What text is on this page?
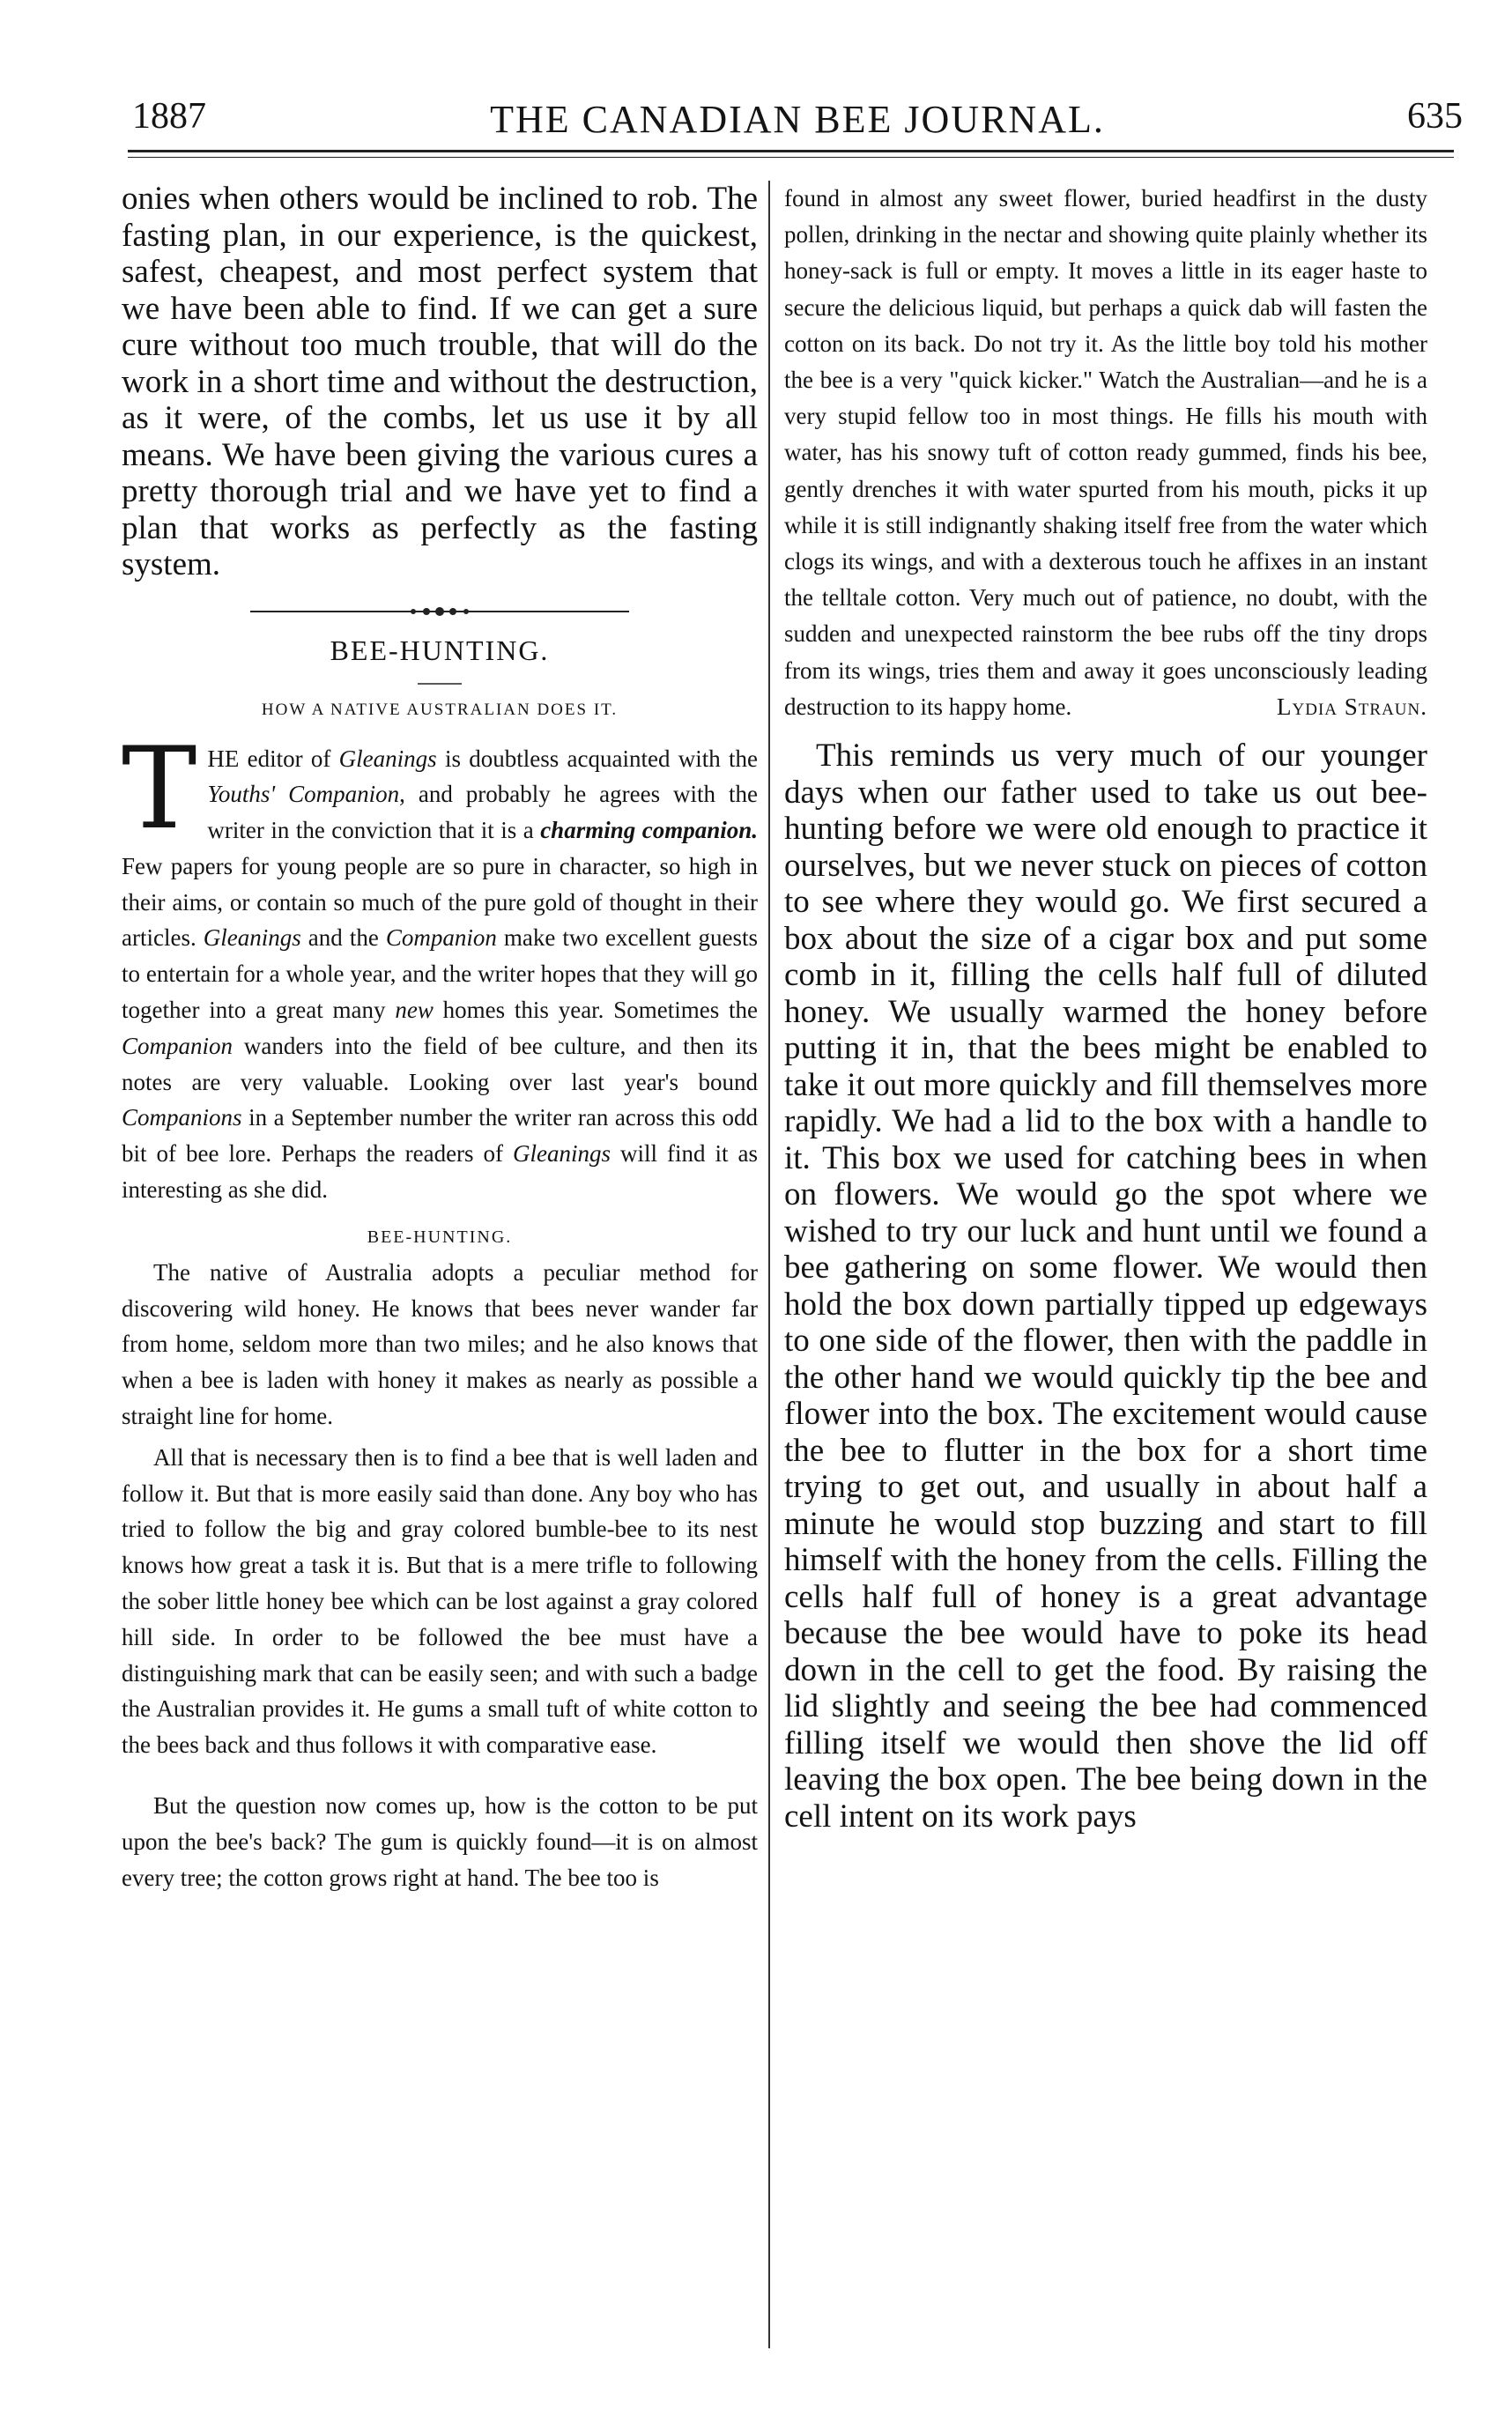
1887	THE CANADIAN BEE JOURNAL.	635

onies when others would be inclined to rob. The fasting plan, in our experience, is the quickest, safest, cheapest, and most perfect system that we have been able to find. If we can get a sure cure without too much trouble, that will do the work in a short time and without the destruction, as it were, of the combs, let us use it by all means. We have been giving the various cures a pretty thorough trial and we have yet to find a plan that works as perfectly as the fasting system.

BEE-HUNTING.
HOW A NATIVE AUSTRALIAN DOES IT.

THE editor of Gleanings is doubtless acquainted with the Youths' Companion, and probably he agrees with the writer in the conviction that it is a charming companion. Few papers for young people are so pure in character, so high in their aims, or contain so much of the pure gold of thought in their articles. Gleanings and the Companion make two excellent guests to entertain for a whole year, and the writer hopes that they will go together into a great many new homes this year. Sometimes the Companion wanders into the field of bee culture, and then its notes are very valuable. Looking over last year's bound Companions in a September number the writer ran across this odd bit of bee lore. Perhaps the readers of Gleanings will find it as interesting as she did.

BEE-HUNTING.

The native of Australia adopts a peculiar method for discovering wild honey. He knows that bees never wander far from home, seldom more than two miles; and he also knows that when a bee is laden with honey it makes as nearly as possible a straight line for home.

All that is necessary then is to find a bee that is well laden and follow it. But that is more easily said than done. Any boy who has tried to follow the big and gray colored bumble-bee to its nest knows how great a task it is. But that is a mere trifle to following the sober little honey bee which can be lost against a gray colored hill side. In order to be followed the bee must have a distinguishing mark that can be easily seen; and with such a badge the Australian provides it. He gums a small tuft of white cotton to the bees back and thus follows it with comparative ease.

But the question now comes up, how is the cotton to be put upon the bee's back? The gum is quickly found—it is on almost every tree; the cotton grows right at hand. The bee too is

found in almost any sweet flower, buried headfirst in the dusty pollen, drinking in the nectar and showing quite plainly whether its honey-sack is full or empty. It moves a little in its eager haste to secure the delicious liquid, but perhaps a quick dab will fasten the cotton on its back. Do not try it. As the little boy told his mother the bee is a very "quick kicker." Watch the Australian—and he is a very stupid fellow too in most things. He fills his mouth with water, has his snowy tuft of cotton ready gummed, finds his bee, gently drenches it with water spurted from his mouth, picks it up while it is still indignantly shaking itself free from the water which clogs its wings, and with a dexterous touch he affixes in an instant the telltale cotton. Very much out of patience, no doubt, with the sudden and unexpected rainstorm the bee rubs off the tiny drops from its wings, tries them and away it goes unconsciously leading destruction to its happy home.	Lydia Straun.

This reminds us very much of our younger days when our father used to take us out bee-hunting before we were old enough to practice it ourselves, but we never stuck on pieces of cotton to see where they would go. We first secured a box about the size of a cigar box and put some comb in it, filling the cells half full of diluted honey. We usually warmed the honey before putting it in, that the bees might be enabled to take it out more quickly and fill themselves more rapidly. We had a lid to the box with a handle to it. This box we used for catching bees in when on flowers. We would go the spot where we wished to try our luck and hunt until we found a bee gathering on some flower. We would then hold the box down partially tipped up edgeways to one side of the flower, then with the paddle in the other hand we would quickly tip the bee and flower into the box. The excitement would cause the bee to flutter in the box for a short time trying to get out, and usually in about half a minute he would stop buzzing and start to fill himself with the honey from the cells. Filling the cells half full of honey is a great advantage because the bee would have to poke its head down in the cell to get the food. By raising the lid slightly and seeing the bee had commenced filling itself we would then shove the lid off leaving the box open. The bee being down in the cell intent on its work pays
